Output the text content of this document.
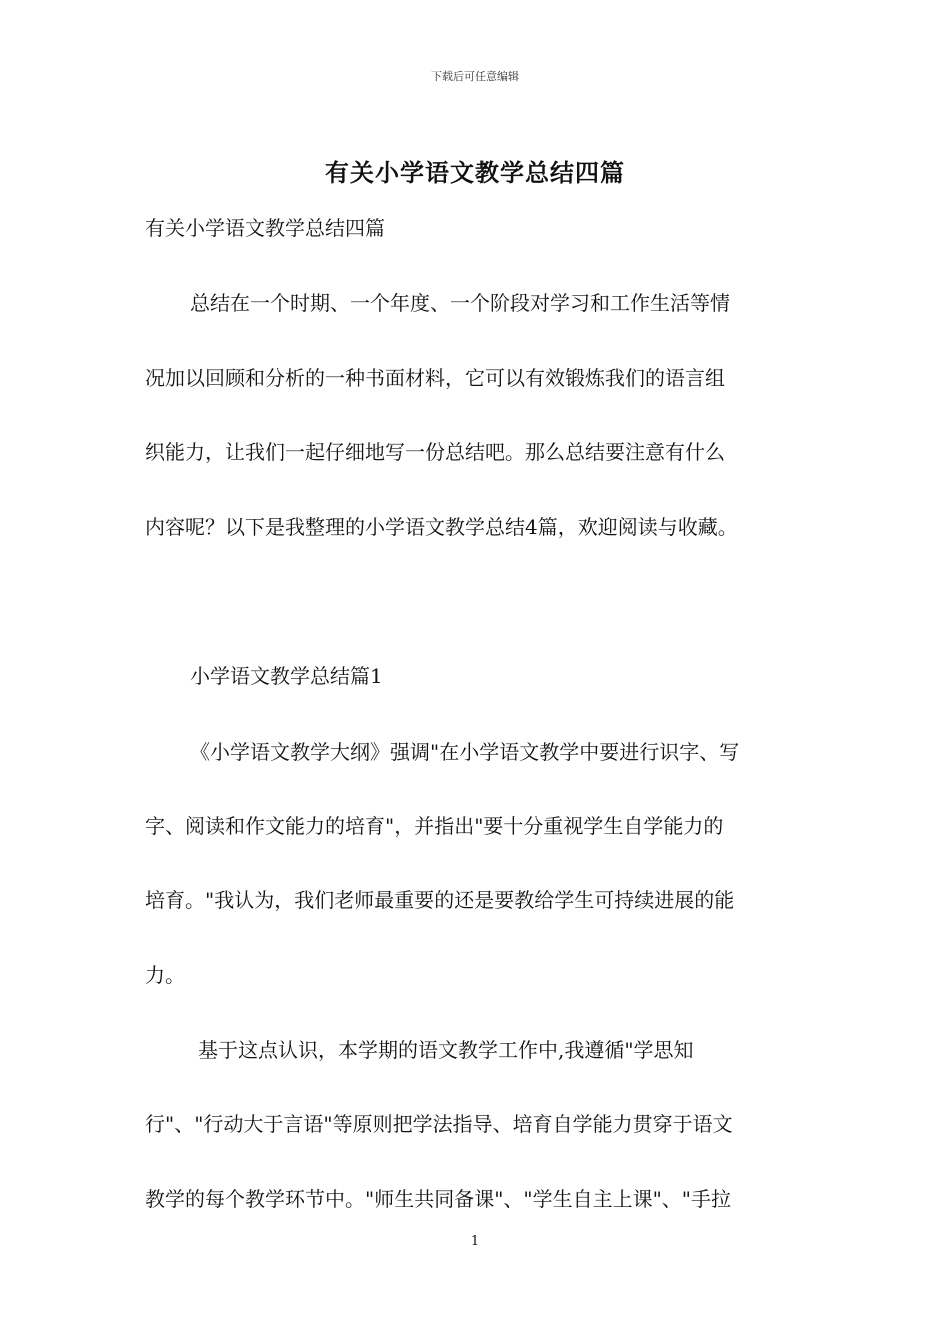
下载后可任意编辑
有关小学语文教学总结四篇
有关小学语文教学总结四篇
总结在一个时期、一个年度、一个阶段对学习和工作生活等情
况加以回顾和分析的一种书面材料，它可以有效锻炼我们的语言组
织能力，让我们一起仔细地写一份总结吧。那么总结要注意有什么
内容呢？以下是我整理的小学语文教学总结4篇，欢迎阅读与收藏。
小学语文教学总结篇1
《小学语文教学大纲》强调"在小学语文教学中要进行识字、写
字、阅读和作文能力的培育"，并指出"要十分重视学生自学能力的
培育。"我认为，我们老师最重要的还是要教给学生可持续进展的能
力。
基于这点认识，本学期的语文教学工作中,我遵循"学思知
行"、"行动大于言语"等原则把学法指导、培育自学能力贯穿于语文
教学的每个教学环节中。"师生共同备课"、"学生自主上课"、"手拉
1
